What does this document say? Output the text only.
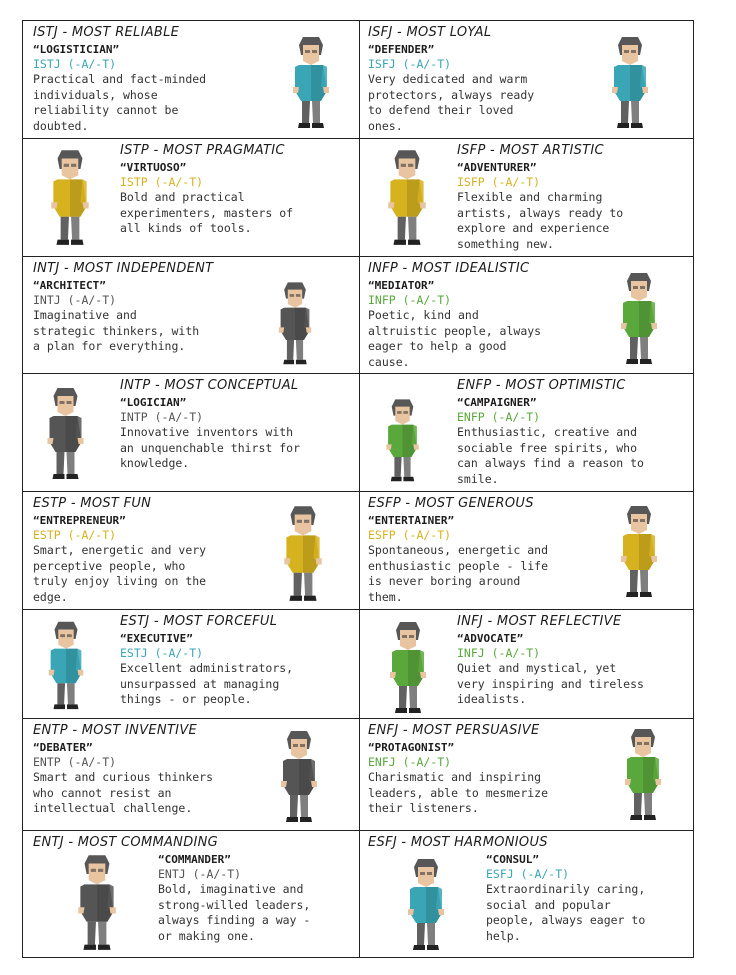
ISTJ - MOST RELIABLE
“LOGISTICIAN”
ISTJ (-A/-T)
Practical and fact-minded
individuals, whose
reliability cannot be
doubted.
ISFJ - MOST LOYAL
“DEFENDER”
ISFJ (-A/-T)
Very dedicated and warm
protectors, always ready
to defend their loved
ones.
ISTP - MOST PRAGMATIC
“VIRTUOSO”
ISTP (-A/-T)
Bold and practical
experimenters, masters of
all kinds of tools.
ISFP - MOST ARTISTIC
“ADVENTURER”
ISFP (-A/-T)
Flexible and charming
artists, always ready to
explore and experience
something new.
INTJ - MOST INDEPENDENT
“ARCHITECT”
INTJ (-A/-T)
Imaginative and
strategic thinkers, with
a plan for everything.
INFP - MOST IDEALISTIC
“MEDIATOR”
INFP (-A/-T)
Poetic, kind and
altruistic people, always
eager to help a good
cause.
INTP - MOST CONCEPTUAL
“LOGICIAN”
INTP (-A/-T)
Innovative inventors with
an unquenchable thirst for
knowledge.
ENFP - MOST OPTIMISTIC
“CAMPAIGNER”
ENFP (-A/-T)
Enthusiastic, creative and
sociable free spirits, who
can always find a reason to
smile.
ESTP - MOST FUN
“ENTREPRENEUR”
ESTP (-A/-T)
Smart, energetic and very
perceptive people, who
truly enjoy living on the
edge.
ESFP - MOST GENEROUS
“ENTERTAINER”
ESFP (-A/-T)
Spontaneous, energetic and
enthusiastic people - life
is never boring around
them.
ESTJ - MOST FORCEFUL
“EXECUTIVE”
ESTJ (-A/-T)
Excellent administrators,
unsurpassed at managing
things - or people.
INFJ - MOST REFLECTIVE
“ADVOCATE”
INFJ (-A/-T)
Quiet and mystical, yet
very inspiring and tireless
idealists.
ENTP - MOST INVENTIVE
“DEBATER”
ENTP (-A/-T)
Smart and curious thinkers
who cannot resist an
intellectual challenge.
ENFJ - MOST PERSUASIVE
“PROTAGONIST”
ENFJ (-A/-T)
Charismatic and inspiring
leaders, able to mesmerize
their listeners.
ENTJ - MOST COMMANDING
“COMMANDER”
ENTJ (-A/-T)
Bold, imaginative and
strong-willed leaders,
always finding a way -
or making one.
ESFJ - MOST HARMONIOUS
“CONSUL”
ESFJ (-A/-T)
Extraordinarily caring,
social and popular
people, always eager to
help.
